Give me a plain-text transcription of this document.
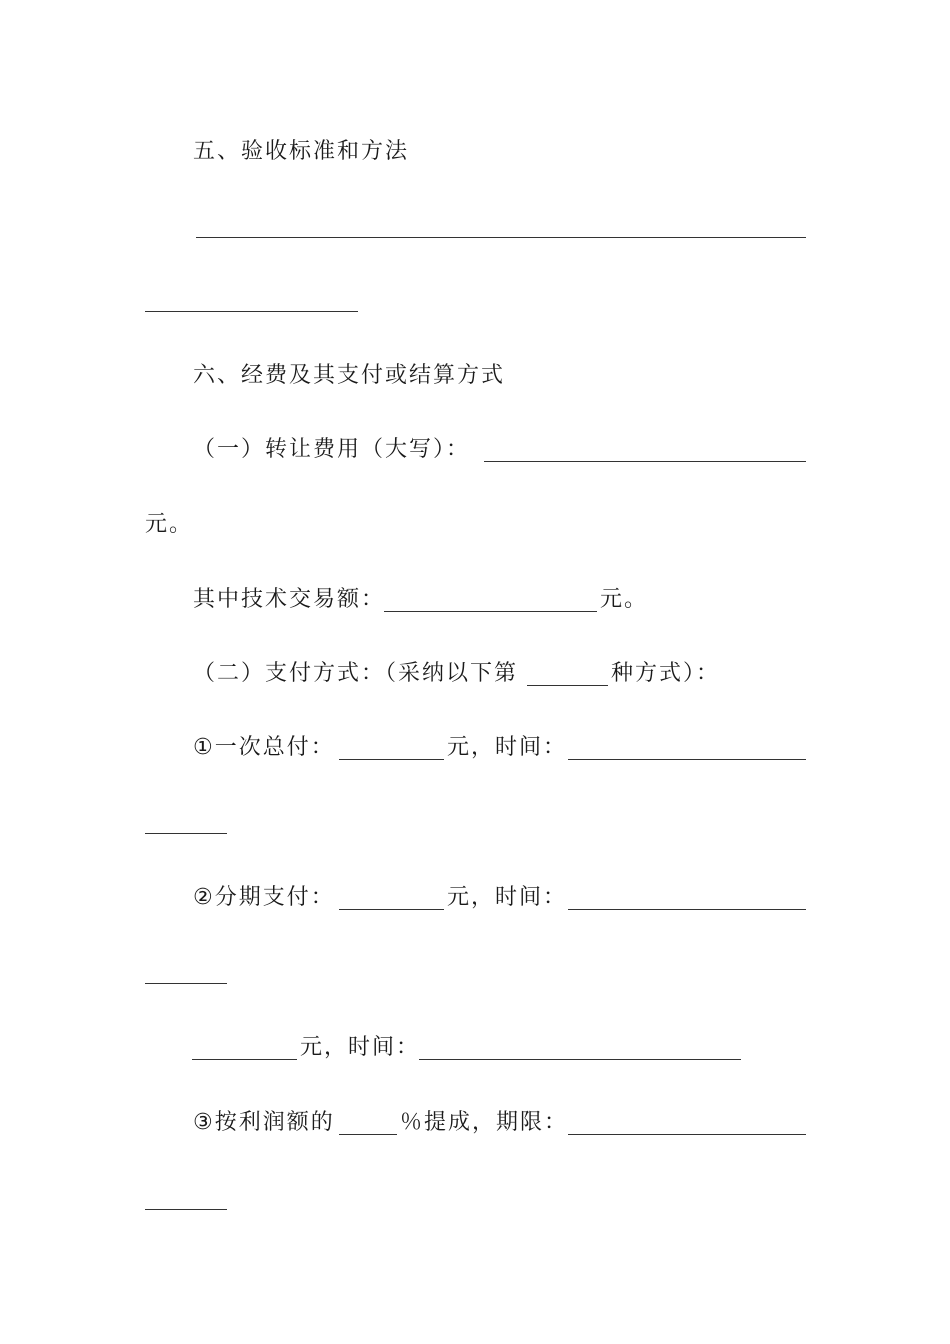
五、验收标准和方法
六、经费及其支付或结算方式
（一）转让费用（大写）：
元。
其中技术交易额：	元。
（二）支付方式：（采纳以下第	种方式）：
①一次总付：	元，时间：
②分期支付：	元，时间：
元，时间：
③按利润额的	％提成，期限：
